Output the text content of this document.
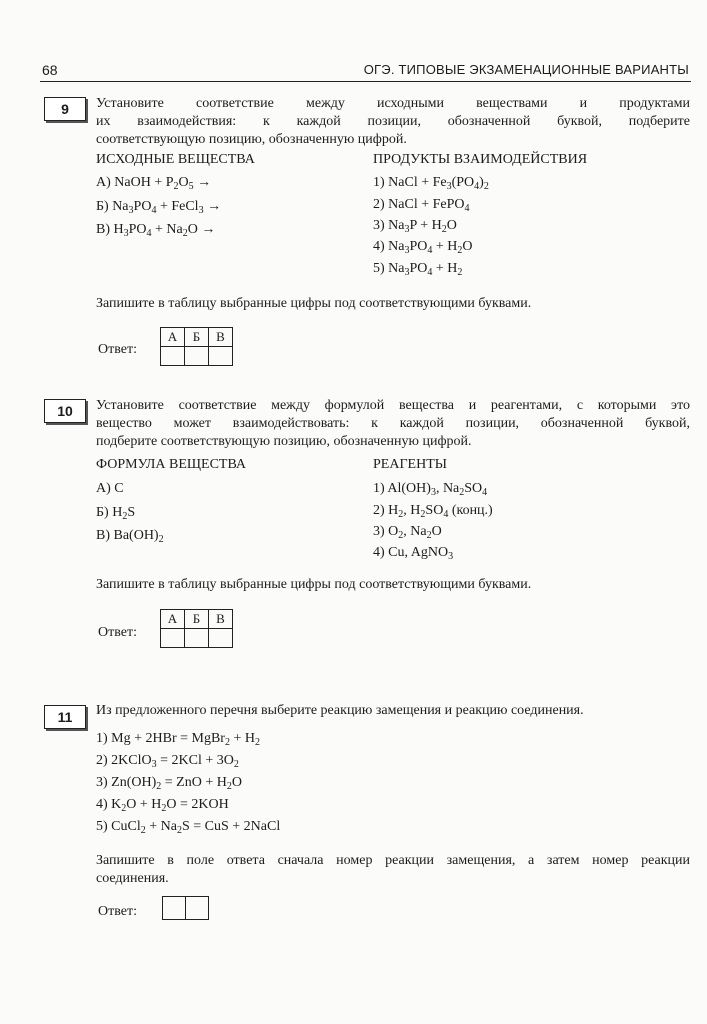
68	ОГЭ. ТИПОВЫЕ ЭКЗАМЕНАЦИОННЫЕ ВАРИАНТЫ
9 Установите соответствие между исходными веществами и продуктами
их взаимодействия: к каждой позиции, обозначенной буквой, подберите
соответствующую позицию, обозначенную цифрой.
ИСХОДНЫЕ ВЕЩЕСТВА	ПРОДУКТЫ ВЗАИМОДЕЙСТВИЯ
А) NaOH + $P_2O_5$ →
Б) $Na_3PO_4$ + FeCl$_3$ →
В) $H_3PO_4 + Na_2O$ →
1) NaCl + $Fe_3(PO_4)_2$
2) NaCl + FePO$_4$
3) $Na_3P + H_2O$
4) $Na_3PO_4 + H_2O$
5) $Na_3PO_4 + H_2$
Запишите в таблицу выбранные цифры под соответствующими буквами.
Ответ:
А	Б	В

10 Установите соответствие между формулой вещества и реагентами, с которыми это
вещество может взаимодействовать: к каждой позиции, обозначенной буквой,
подберите соответствующую позицию, обозначенную цифрой.
ФОРМУЛА ВЕЩЕСТВА	РЕАГЕНТЫ
А) С
Б) $H_2S$
В) $Ba(OH)_2$
1) $Al(OH)_3$, $Na_2SO_4$
2) $H_2$, $H_2SO_4$ (конц.)
3) $O_2$, $Na_2O$
4) Cu, AgNO$_3$
Запишите в таблицу выбранные цифры под соответствующими буквами.
Ответ:
А	Б	В

11 Из предложенного перечня выберите реакцию замещения и реакцию соединения.
1) Mg + 2HBr = MgBr$_2$ + $H_2$
2) 2KClO$_3$ = $2KCl + 3O_2$
3) $Zn(OH)_2$ = ZnO + $H_2O$
4) $K_2O + H_2O = 2KOH$
5) CuCl$_2$ + $Na_2S$ = CuS + 2NaCl
Запишите в поле ответа сначала номер реакции замещения, а затем номер реакции
соединения.
Ответ:
